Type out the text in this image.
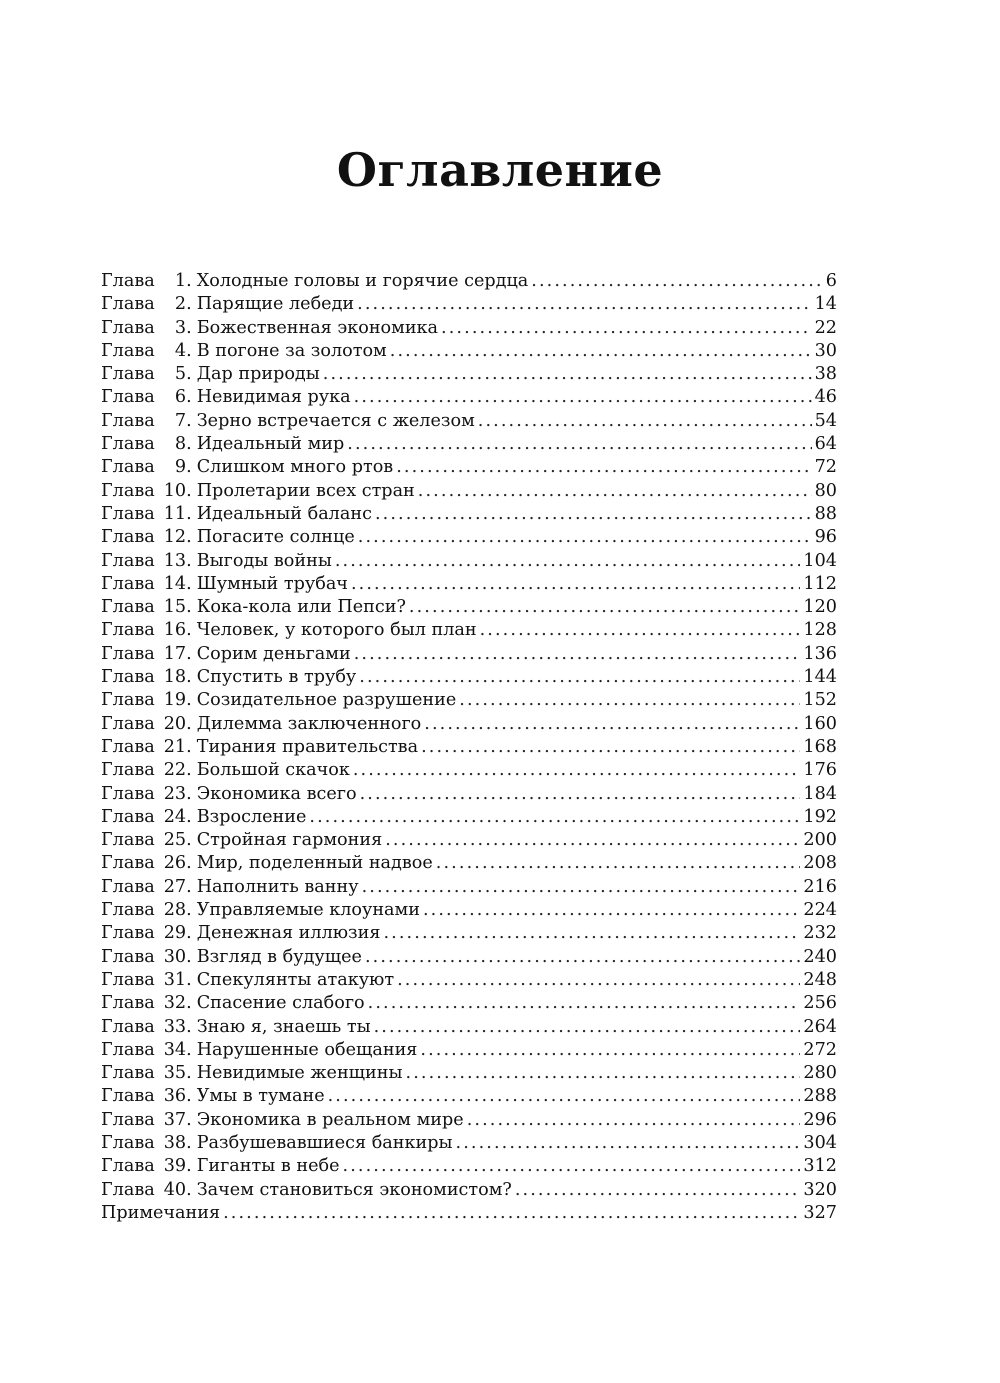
Оглавление
Глава	1. Холодные головы и горячие сердца .....	6
Глава	2. Парящие лебеди .....	14
Глава	3. Божественная экономика .....	22
Глава	4. В погоне за золотом .....	30
Глава	5. Дар природы .....	38
Глава	6. Невидимая рука .....	46
Глава	7. Зерно встречается с железом .....	54
Глава	8. Идеальный мир .....	64
Глава	9. Слишком много ртов .....	72
Глава 10. Пролетарии всех стран .....	80
Глава 11. Идеальный баланс .....	88
Глава 12. Погасите солнце .....	96
Глава 13. Выгоды войны .....	104
Глава 14. Шумный трубач .....	112
Глава 15. Кока-кола или Пепси? .....	120
Глава 16. Человек, у которого был план .....	128
Глава 17. Сорим деньгами .....	136
Глава 18. Спустить в трубу .....	144
Глава 19. Созидательное разрушение .....	152
Глава 20. Дилемма заключенного .....	160
Глава 21. Тирания правительства .....	168
Глава 22. Большой скачок .....	176
Глава 23. Экономика всего .....	184
Глава 24. Взросление .....	192
Глава 25. Стройная гармония .....	200
Глава 26. Мир, поделенный надвое .....	208
Глава 27. Наполнить ванну .....	216
Глава 28. Управляемые клоунами .....	224
Глава 29. Денежная иллюзия .....	232
Глава 30. Взгляд в будущее .....	240
Глава 31. Спекулянты атакуют .....	248
Глава 32. Спасение слабого .....	256
Глава 33. Знаю я, знаешь ты .....	264
Глава 34. Нарушенные обещания .....	272
Глава 35. Невидимые женщины .....	280
Глава 36. Умы в тумане .....	288
Глава 37. Экономика в реальном мире .....	296
Глава 38. Разбушевавшиеся банкиры .....	304
Глава 39. Гиганты в небе .....	312
Глава 40. Зачем становиться экономистом? .....	320
Примечания .....	327
